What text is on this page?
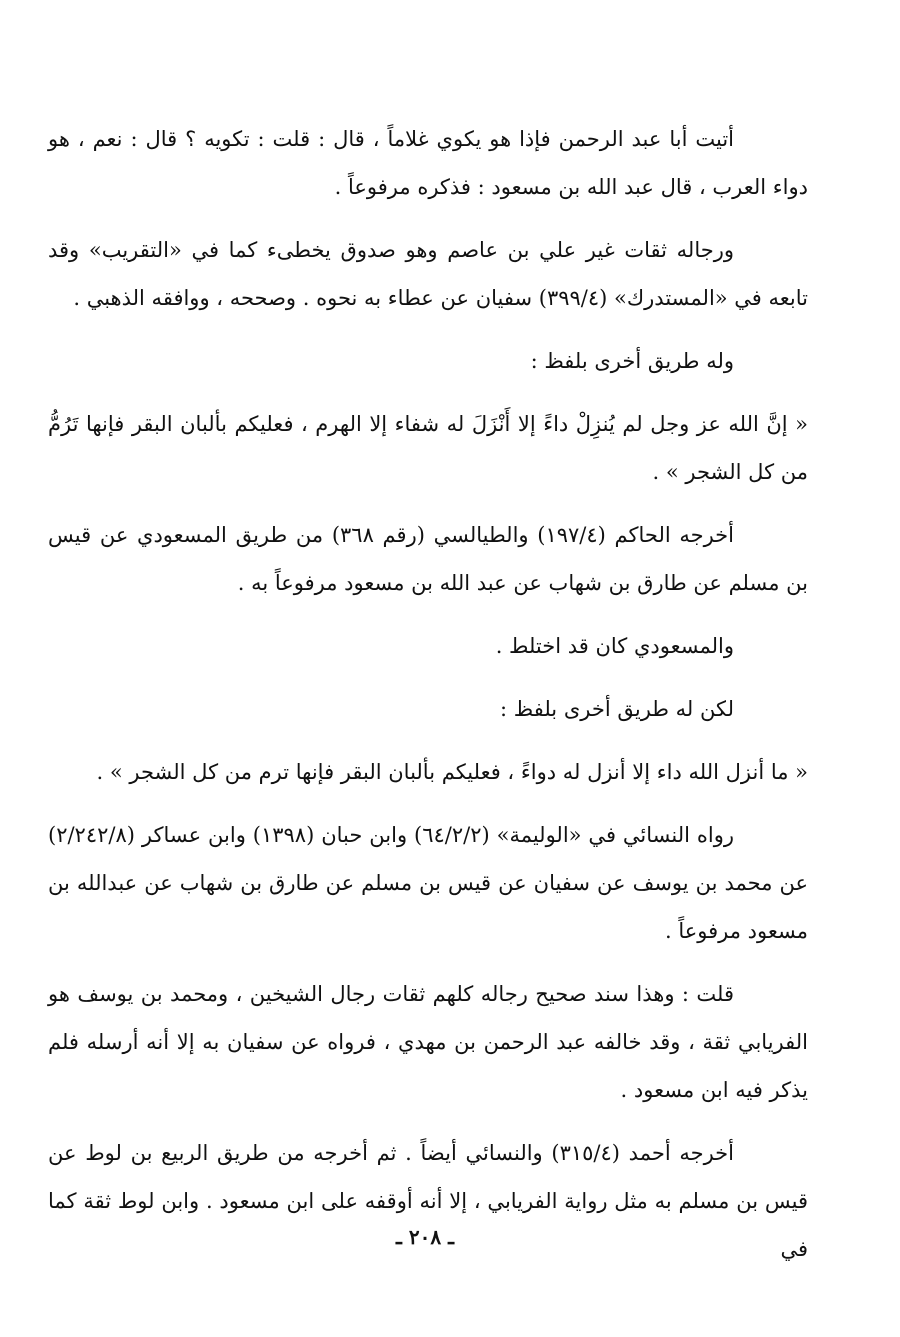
أتيت أبا عبد الرحمن فإذا هو يكوي غلاماً ، قال : قلت : تكويه ؟ قال : نعم ، هو دواء العرب ، قال عبد الله بن مسعود : فذكره مرفوعاً .

ورجاله ثقات غير علي بن عاصم وهو صدوق يخطىء كما في «التقريب» وقد تابعه في «المستدرك» (٣٩٩/٤) سفيان عن عطاء به نحوه . وصححه ، ووافقه الذهبي .

وله طريق أخرى بلفظ :

« إنَّ الله عز وجل لم يُنزِلْ داءً إلا أَنْزَلَ له شفاء إلا الهرم ، فعليكم بألبان البقر فإنها تَرُمُّ من كل الشجر » .

أخرجه الحاكم (١٩٧/٤) والطيالسي (رقم ٣٦٨) من طريق المسعودي عن قيس بن مسلم عن طارق بن شهاب عن عبد الله بن مسعود مرفوعاً به .

والمسعودي كان قد اختلط .

لكن له طريق أخرى بلفظ :

« ما أنزل الله داء إلا أنزل له دواءً ، فعليكم بألبان البقر فإنها ترم من كل الشجر » .

رواه النسائي في «الوليمة» (٦٤/٢/٢) وابن حبان (١٣٩٨) وابن عساكر (٢/٢٤٢/٨) عن محمد بن يوسف عن سفيان عن قيس بن مسلم عن طارق بن شهاب عن عبدالله بن مسعود مرفوعاً .

قلت : وهذا سند صحيح رجاله كلهم ثقات رجال الشيخين ، ومحمد بن يوسف هو الفريابي ثقة ، وقد خالفه عبد الرحمن بن مهدي ، فرواه عن سفيان به إلا أنه أرسله فلم يذكر فيه ابن مسعود .

أخرجه أحمد (٣١٥/٤) والنسائي أيضاً . ثم أخرجه من طريق الربيع بن لوط عن قيس بن مسلم به مثل رواية الفريابي ، إلا أنه أوقفه على ابن مسعود . وابن لوط ثقة كما في

ـ ٢٠٨ ـ
